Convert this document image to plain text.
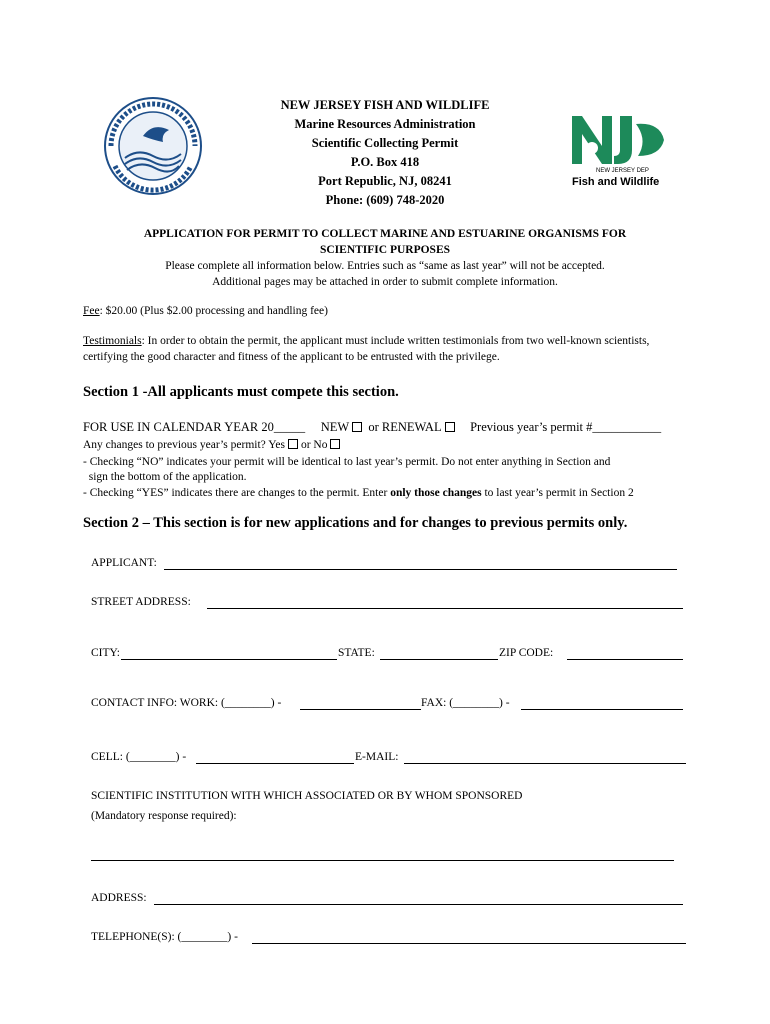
NEW JERSEY FISH AND WILDLIFE
Marine Resources Administration
Scientific Collecting Permit
P.O. Box 418
Port Republic, NJ, 08241
Phone: (609) 748-2020
NEW JERSEY DEP
Fish and Wildlife
APPLICATION FOR PERMIT TO COLLECT MARINE AND ESTUARINE ORGANISMS FOR
SCIENTIFIC PURPOSES
Please complete all information below. Entries such as “same as last year” will not be accepted.
Additional pages may be attached in order to submit complete information.
Fee: $20.00 (Plus $2.00 processing and handling fee)
Testimonials: In order to obtain the permit, the applicant must include written testimonials from two well-known scientists, certifying the good character and fitness of the applicant to be entrusted with the privilege.
Section 1 -All applicants must compete this section.
FOR USE IN CALENDAR YEAR 20_____ NEW or RENEWAL Previous year’s permit #___________
Any changes to previous year’s permit? Yes or No
- Checking “NO” indicates your permit will be identical to last year’s permit. Do not enter anything in Section and
sign the bottom of the application.
- Checking “YES” indicates there are changes to the permit. Enter only those changes to last year’s permit in Section 2
Section 2 – This section is for new applications and for changes to previous permits only.
APPLICANT:
STREET ADDRESS:
CITY:	STATE:	ZIP CODE:
CONTACT INFO: WORK: (________) -	FAX: (________) -
CELL: (________) -	E-MAIL:
SCIENTIFIC INSTITUTION WITH WHICH ASSOCIATED OR BY WHOM SPONSORED
(Mandatory response required):
ADDRESS:
TELEPHONE(S): (________) -
